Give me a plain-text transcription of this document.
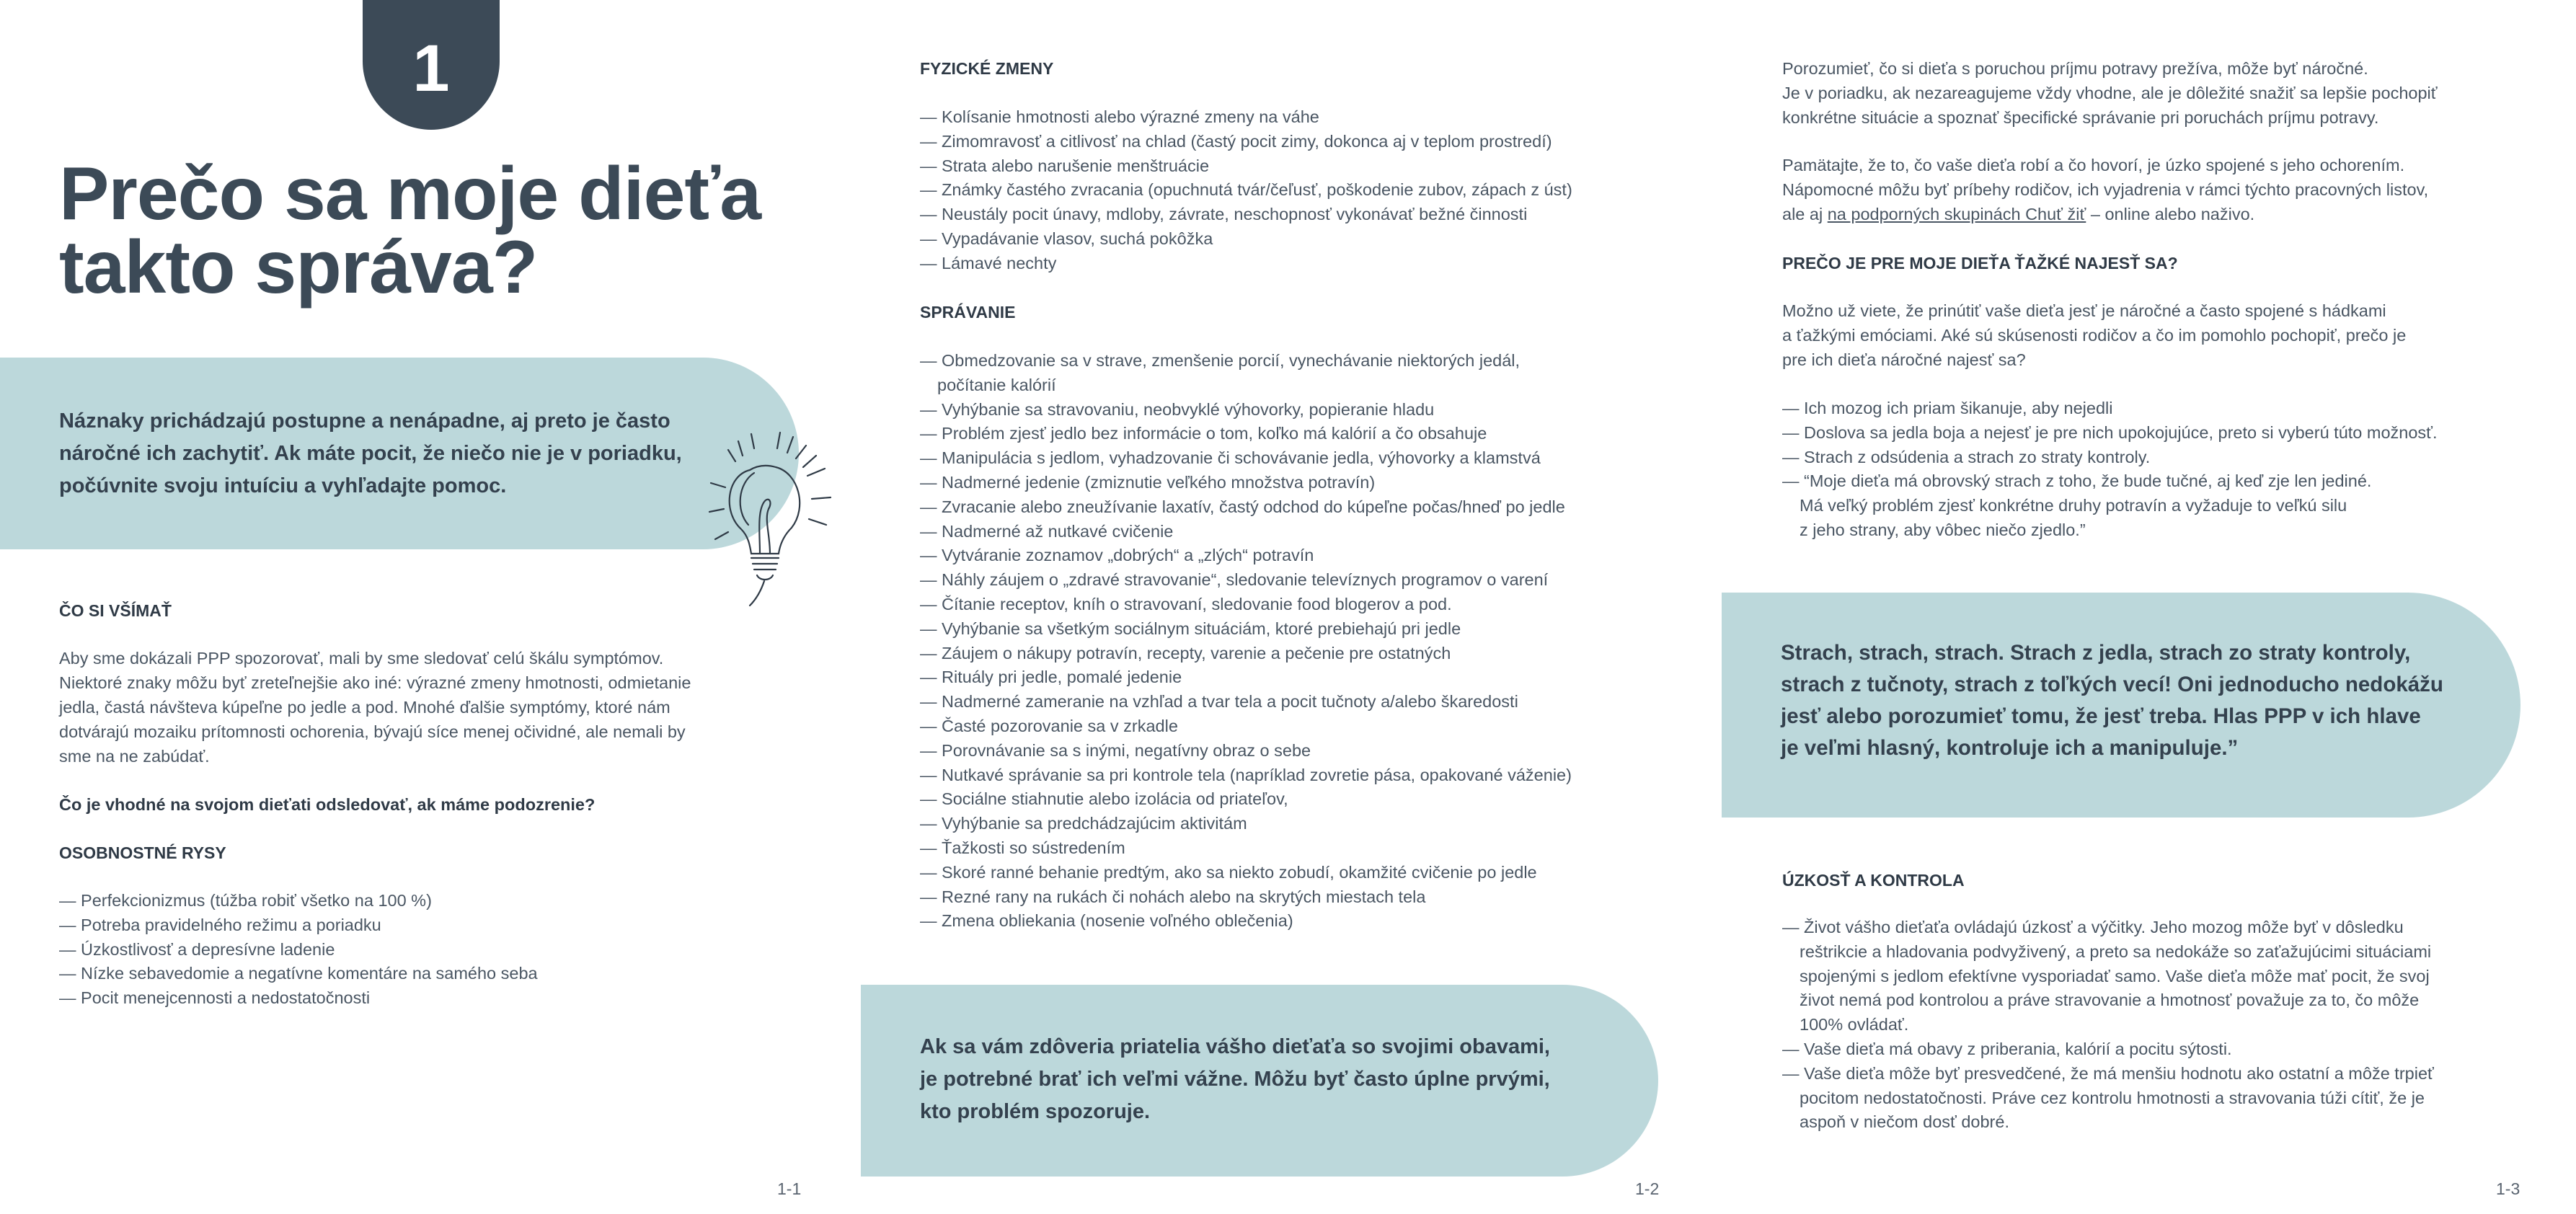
1
Prečo sa moje dieťa
takto správa?
Náznaky prichádzajú postupne a nenápadne, aj preto je často
náročné ich zachytiť. Ak máte pocit, že niečo nie je v poriadku,
počúvnite svoju intuíciu a vyhľadajte pomoc.
ČO SI VŠÍMAŤ
Aby sme dokázali PPP spozorovať, mali by sme sledovať celú škálu symptómov.
Niektoré znaky môžu byť zreteľnejšie ako iné: výrazné zmeny hmotnosti, odmietanie
jedla, častá návšteva kúpeľne po jedle a pod. Mnohé ďalšie symptómy, ktoré nám
dotvárajú mozaiku prítomnosti ochorenia, bývajú síce menej očividné, ale nemali by
sme na ne zabúdať.
Čo je vhodné na svojom dieťati odsledovať, ak máme podozrenie?
OSOBNOSTNÉ RYSY
— Perfekcionizmus (túžba robiť všetko na 100 %)
— Potreba pravidelného režimu a poriadku
— Úzkostlivosť a depresívne ladenie
— Nízke sebavedomie a negatívne komentáre na samého seba
— Pocit menejcennosti a nedostatočnosti
1-1
FYZICKÉ ZMENY
— Kolísanie hmotnosti alebo výrazné zmeny na váhe
— Zimomravosť a citlivosť na chlad (častý pocit zimy, dokonca aj v teplom prostredí)
— Strata alebo narušenie menštruácie
— Známky častého zvracania (opuchnutá tvár/čeľusť, poškodenie zubov, zápach z úst)
— Neustály pocit únavy, mdloby, závrate, neschopnosť vykonávať bežné činnosti
— Vypadávanie vlasov, suchá pokôžka
— Lámavé nechty
SPRÁVANIE
— Obmedzovanie sa v strave, zmenšenie porcií, vynechávanie niektorých jedál,
počítanie kalórií
— Vyhýbanie sa stravovaniu, neobvyklé výhovorky, popieranie hladu
— Problém zjesť jedlo bez informácie o tom, koľko má kalórií a čo obsahuje
— Manipulácia s jedlom, vyhadzovanie či schovávanie jedla, výhovorky a klamstvá
— Nadmerné jedenie (zmiznutie veľkého množstva potravín)
— Zvracanie alebo zneužívanie laxatív, častý odchod do kúpeľne počas/hneď po jedle
— Nadmerné až nutkavé cvičenie
— Vytváranie zoznamov „dobrých“ a „zlých“ potravín
— Náhly záujem o „zdravé stravovanie“, sledovanie televíznych programov o varení
— Čítanie receptov, kníh o stravovaní, sledovanie food blogerov a pod.
— Vyhýbanie sa všetkým sociálnym situáciám, ktoré prebiehajú pri jedle
— Záujem o nákupy potravín, recepty, varenie a pečenie pre ostatných
— Rituály pri jedle, pomalé jedenie
— Nadmerné zameranie na vzhľad a tvar tela a pocit tučnoty a/alebo škaredosti
— Časté pozorovanie sa v zrkadle
— Porovnávanie sa s inými, negatívny obraz o sebe
— Nutkavé správanie sa pri kontrole tela (napríklad zovretie pása, opakované váženie)
— Sociálne stiahnutie alebo izolácia od priateľov,
— Vyhýbanie sa predchádzajúcim aktivitám
— Ťažkosti so sústredením
— Skoré ranné behanie predtým, ako sa niekto zobudí, okamžité cvičenie po jedle
— Rezné rany na rukách či nohách alebo na skrytých miestach tela
— Zmena obliekania (nosenie voľného oblečenia)
Ak sa vám zdôveria priatelia vášho dieťaťa so svojimi obavami,
je potrebné brať ich veľmi vážne. Môžu byť často úplne prvými,
kto problém spozoruje.
1-2
Porozumieť, čo si dieťa s poruchou príjmu potravy prežíva, môže byť náročné.
Je v poriadku, ak nezareagujeme vždy vhodne, ale je dôležité snažiť sa lepšie pochopiť
konkrétne situácie a spoznať špecifické správanie pri poruchách príjmu potravy.
Pamätajte, že to, čo vaše dieťa robí a čo hovorí, je úzko spojené s jeho ochorením.
Nápomocné môžu byť príbehy rodičov, ich vyjadrenia v rámci týchto pracovných listov,
ale aj na podporných skupinách Chuť žiť – online alebo naživo.
PREČO JE PRE MOJE DIEŤA ŤAŽKÉ NAJESŤ SA?
Možno už viete, že prinútiť vaše dieťa jesť je náročné a často spojené s hádkami
a ťažkými emóciami. Aké sú skúsenosti rodičov a čo im pomohlo pochopiť, prečo je
pre ich dieťa náročné najesť sa?
— Ich mozog ich priam šikanuje, aby nejedli
— Doslova sa jedla boja a nejesť je pre nich upokojujúce, preto si vyberú túto možnosť.
— Strach z odsúdenia a strach zo straty kontroly.
— “Moje dieťa má obrovský strach z toho, že bude tučné, aj keď zje len jediné.
Má veľký problém zjesť konkrétne druhy potravín a vyžaduje to veľkú silu
z jeho strany, aby vôbec niečo zjedlo.”
Strach, strach, strach. Strach z jedla, strach zo straty kontroly,
strach z tučnoty, strach z toľkých vecí! Oni jednoducho nedokážu
jesť alebo porozumieť tomu, že jesť treba. Hlas PPP v ich hlave
je veľmi hlasný, kontroluje ich a manipuluje.”
ÚZKOSŤ A KONTROLA
— Život vášho dieťaťa ovládajú úzkosť a výčitky. Jeho mozog môže byť v dôsledku
reštrikcie a hladovania podvyživený, a preto sa nedokáže so zaťažujúcimi situáciami
spojenými s jedlom efektívne vysporiadať samo. Vaše dieťa môže mať pocit, že svoj
život nemá pod kontrolou a práve stravovanie a hmotnosť považuje za to, čo môže
100% ovládať.
— Vaše dieťa má obavy z priberania, kalórií a pocitu sýtosti.
— Vaše dieťa môže byť presvedčené, že má menšiu hodnotu ako ostatní a môže trpieť
pocitom nedostatočnosti. Práve cez kontrolu hmotnosti a stravovania túži cítiť, že je
aspoň v niečom dosť dobré.
1-3
